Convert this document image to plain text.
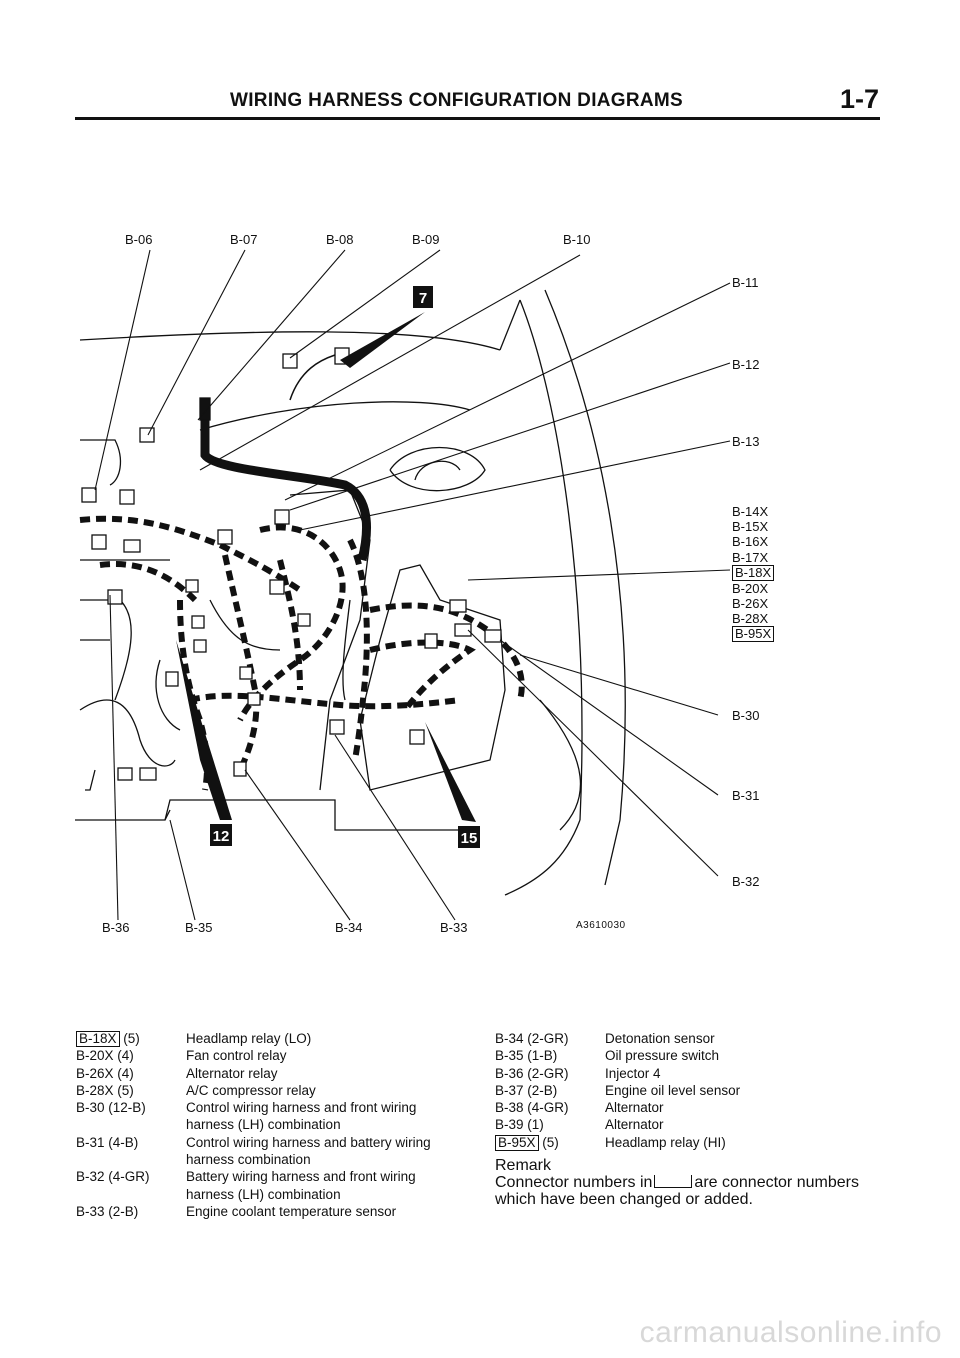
WIRING HARNESS CONFIGURATION DIAGRAMS	1-7
7
12	15
B-06	B-07	B-08	B-09	B-10
B-11
B-12
B-13
B-14X
B-15X
B-16X
B-17X
B-18X
B-20X
B-26X
B-28X
B-95X
B-30
B-31
B-32
B-36	B-35	B-34	B-33	A3610030
B-18X (5)	Headlamp relay (LO)
B-20X (4)	Fan control relay
B-26X (4)	Alternator relay
B-28X (5)	A/C compressor relay
B-30 (12-B)	Control wiring harness and front wiring harness (LH) combination
B-31 (4-B)	Control wiring harness and battery wiring harness combination
B-32 (4-GR)	Battery wiring harness and front wiring harness (LH) combination
B-33 (2-B)	Engine coolant temperature sensor
B-34 (2-GR)	Detonation sensor
B-35 (1-B)	Oil pressure switch
B-36 (2-GR)	Injector 4
B-37 (2-B)	Engine oil level sensor
B-38 (4-GR)	Alternator
B-39 (1)	Alternator
B-95X (5)	Headlamp relay (HI)
Remark
Connector numbers in	are connector numbers
which have been changed or added.
carmanualsonline.info
